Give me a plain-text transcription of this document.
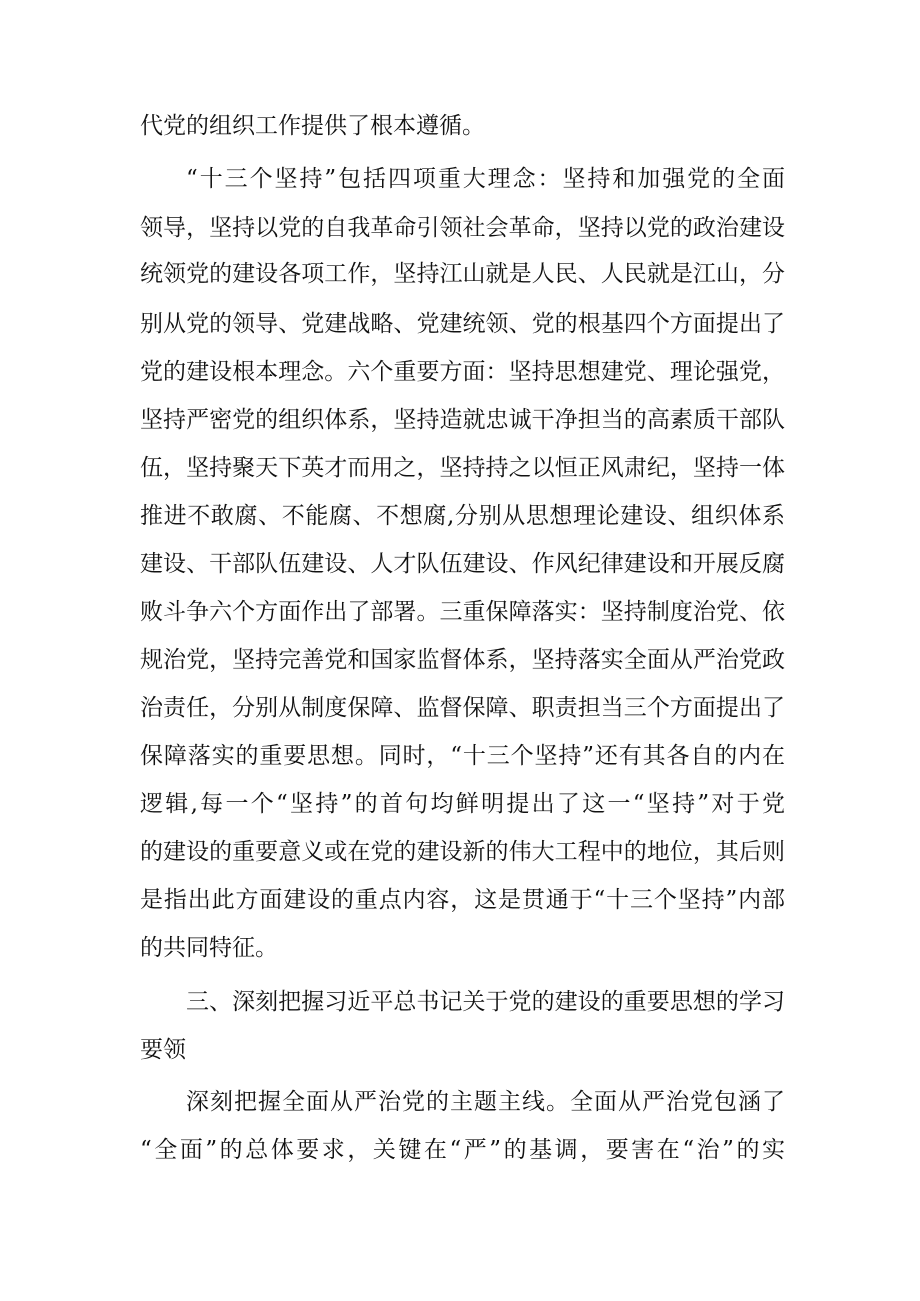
代党的组织工作提供了根本遵循。
“十三个坚持”包括四项重大理念：坚持和加强党的全面
领导，坚持以党的自我革命引领社会革命，坚持以党的政治建设
统领党的建设各项工作，坚持江山就是人民、人民就是江山，分
别从党的领导、党建战略、党建统领、党的根基四个方面提出了
党的建设根本理念。六个重要方面：坚持思想建党、理论强党，
坚持严密党的组织体系，坚持造就忠诚干净担当的高素质干部队
伍，坚持聚天下英才而用之，坚持持之以恒正风肃纪，坚持一体
推进不敢腐、不能腐、不想腐,分别从思想理论建设、组织体系
建设、干部队伍建设、人才队伍建设、作风纪律建设和开展反腐
败斗争六个方面作出了部署。三重保障落实：坚持制度治党、依
规治党，坚持完善党和国家监督体系，坚持落实全面从严治党政
治责任，分别从制度保障、监督保障、职责担当三个方面提出了
保障落实的重要思想。同时，“十三个坚持”还有其各自的内在
逻辑,每一个“坚持”的首句均鲜明提出了这一“坚持”对于党
的建设的重要意义或在党的建设新的伟大工程中的地位，其后则
是指出此方面建设的重点内容，这是贯通于“十三个坚持”内部
的共同特征。
三、深刻把握习近平总书记关于党的建设的重要思想的学习
要领
深刻把握全面从严治党的主题主线。全面从严治党包涵了
“全面”的总体要求，关键在“严”的基调，要害在“治”的实
